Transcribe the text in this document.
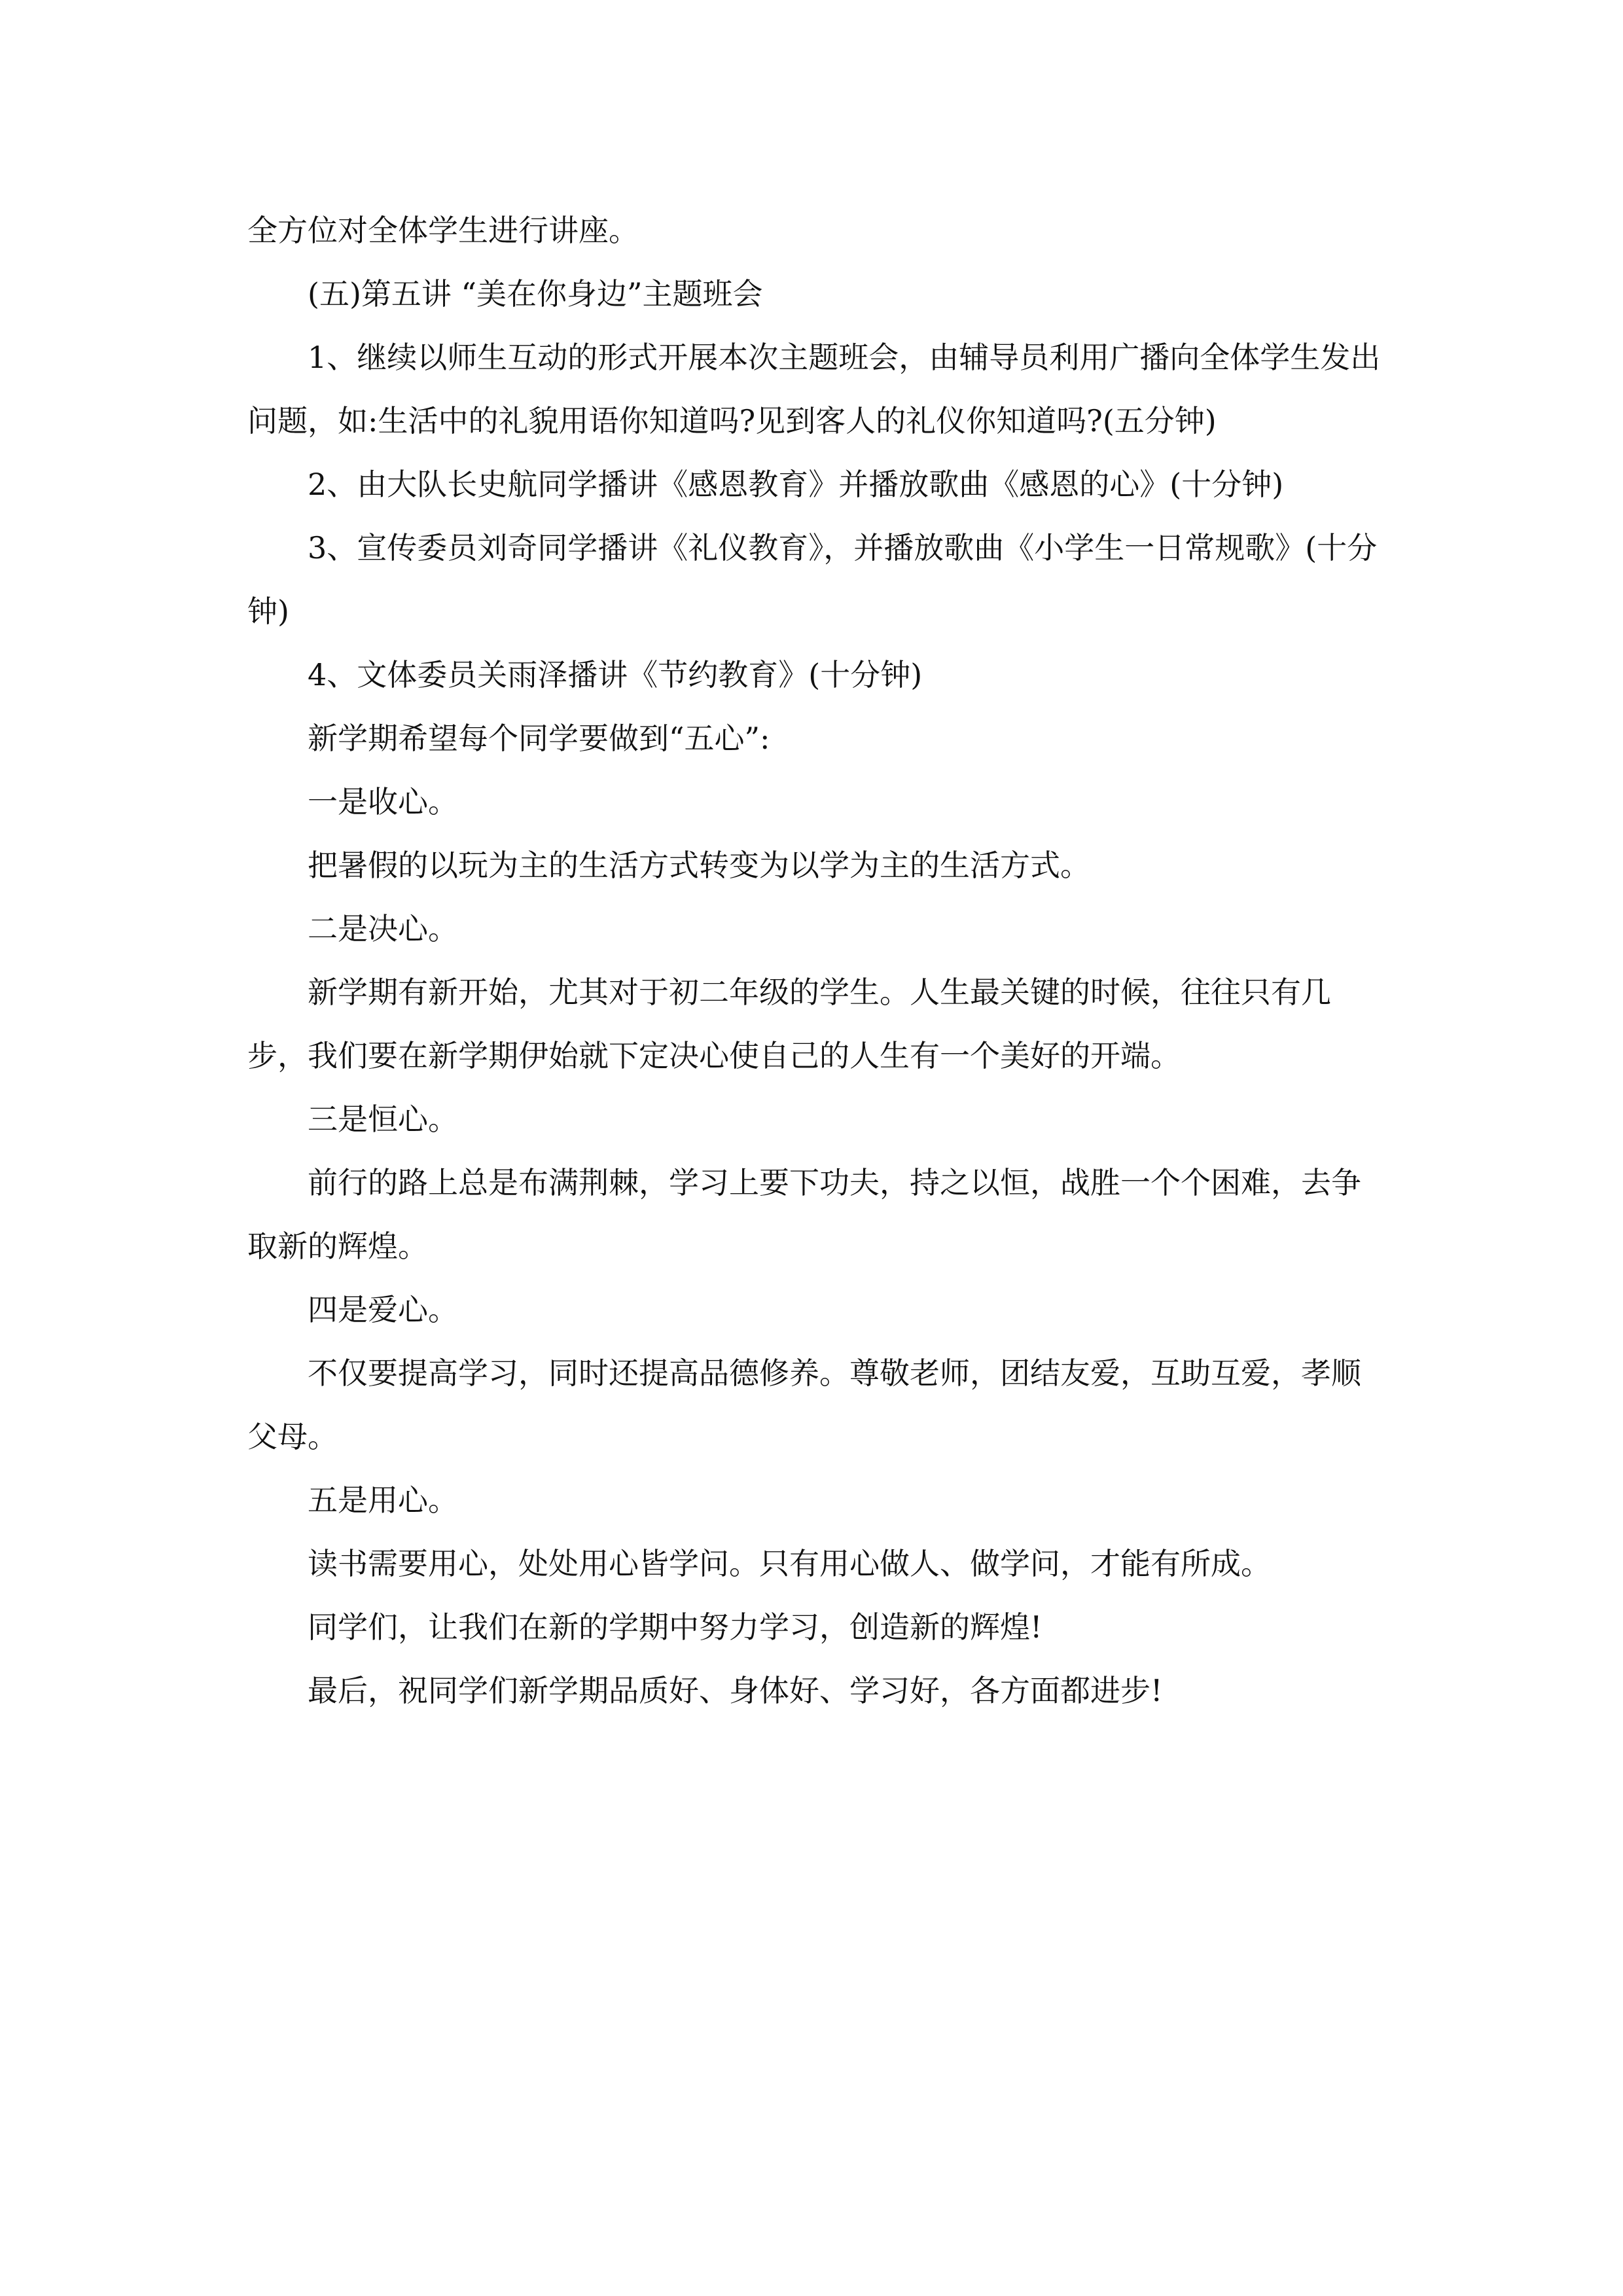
全方位对全体学生进行讲座。

(五)第五讲 “美在你身边”主题班会

1、继续以师生互动的形式开展本次主题班会，由辅导员利用广播向全体学生发出问题，如:生活中的礼貌用语你知道吗?见到客人的礼仪你知道吗?(五分钟)

2、由大队长史航同学播讲《感恩教育》并播放歌曲《感恩的心》(十分钟)

3、宣传委员刘奇同学播讲《礼仪教育》，并播放歌曲《小学生一日常规歌》(十分钟)

4、文体委员关雨泽播讲《节约教育》(十分钟)

新学期希望每个同学要做到“五心”:

一是收心。

把暑假的以玩为主的生活方式转变为以学为主的生活方式。

二是决心。

新学期有新开始，尤其对于初二年级的学生。人生最关键的时候，往往只有几步，我们要在新学期伊始就下定决心使自己的人生有一个美好的开端。

三是恒心。

前行的路上总是布满荆棘，学习上要下功夫，持之以恒，战胜一个个困难，去争取新的辉煌。

四是爱心。

不仅要提高学习，同时还提高品德修养。尊敬老师，团结友爱，互助互爱，孝顺父母。

五是用心。

读书需要用心，处处用心皆学问。只有用心做人、做学问，才能有所成。

同学们，让我们在新的学期中努力学习，创造新的辉煌!

最后，祝同学们新学期品质好、身体好、学习好，各方面都进步!
